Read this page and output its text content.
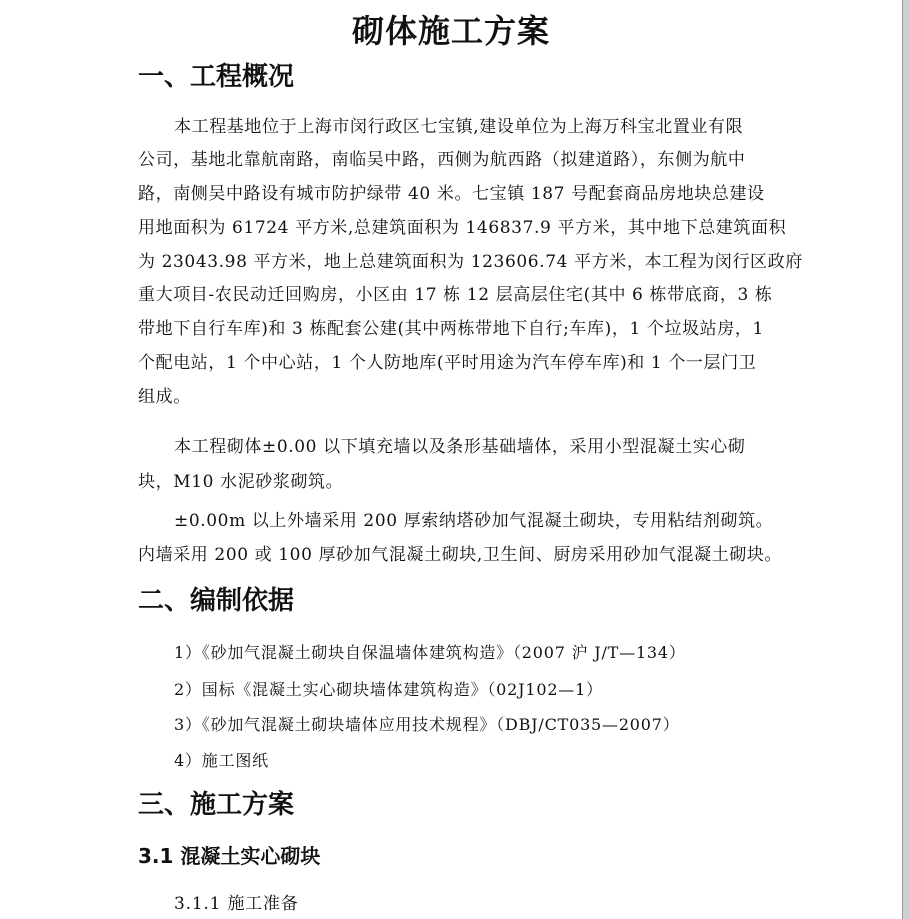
砌体施工方案
一、工程概况
本工程基地位于上海市闵行政区七宝镇,建设单位为上海万科宝北置业有限
公司，基地北靠航南路，南临吴中路，西侧为航西路（拟建道路），东侧为航中
路，南侧吴中路设有城市防护绿带 40 米。七宝镇 187 号配套商品房地块总建设
用地面积为 61724 平方米,总建筑面积为 146837.9 平方米，其中地下总建筑面积
为 23043.98 平方米，地上总建筑面积为 123606.74 平方米，本工程为闵行区政府
重大项目-农民动迁回购房，小区由 17 栋 12 层高层住宅(其中 6 栋带底商，3 栋
带地下自行车库)和 3 栋配套公建(其中两栋带地下自行;车库)，1 个垃圾站房，1
个配电站，1 个中心站，1 个人防地库(平时用途为汽车停车库)和 1 个一层门卫
组成。
本工程砌体±0.00 以下填充墙以及条形基础墙体，采用小型混凝土实心砌
块，M10 水泥砂浆砌筑。
±0.00m 以上外墙采用 200 厚索纳塔砂加气混凝土砌块，专用粘结剂砌筑。
内墙采用 200 或 100 厚砂加气混凝土砌块,卫生间、厨房采用砂加气混凝土砌块。
二、编制依据
1）《砂加气混凝土砌块自保温墙体建筑构造》（2007 沪 J/T—134）
2）国标《混凝土实心砌块墙体建筑构造》（02J102—1）
3）《砂加气混凝土砌块墙体应用技术规程》（DBJ/CT035—2007）
4）施工图纸
三、施工方案
3.1 混凝土实心砌块
3.1.1 施工准备
